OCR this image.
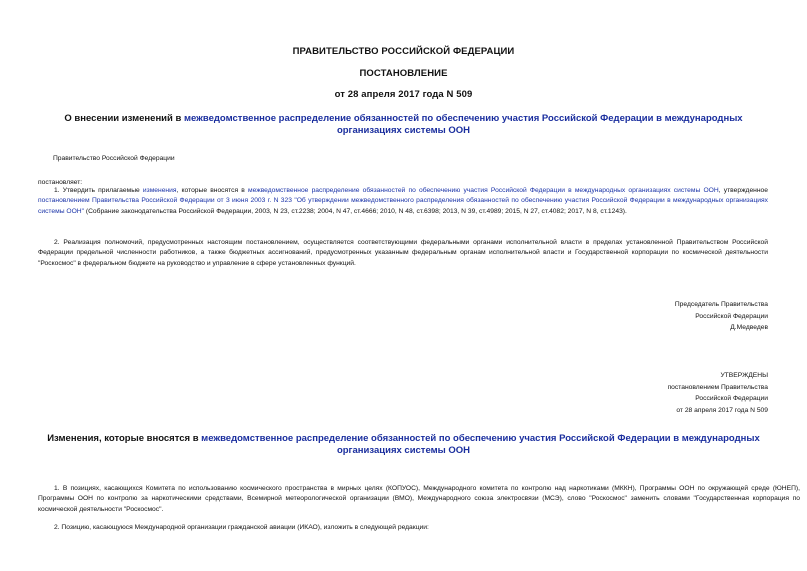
ПРАВИТЕЛЬСТВО РОССИЙСКОЙ ФЕДЕРАЦИИ
ПОСТАНОВЛЕНИЕ
от 28 апреля 2017 года N 509
О внесении изменений в межведомственное распределение обязанностей по обеспечению участия Российской Федерации в международных организациях системы ООН
Правительство Российской Федерации
постановляет:
1. Утвердить прилагаемые изменения, которые вносятся в межведомственное распределение обязанностей по обеспечению участия Российской Федерации в международных организациях системы ООН, утвержденное постановлением Правительства Российской Федерации от 3 июня 2003 г. N 323 "Об утверждении межведомственного распределения обязанностей по обеспечению участия Российской Федерации в международных организациях системы ООН" (Собрание законодательства Российской Федерации, 2003, N 23, ст.2238; 2004, N 47, ст.4666; 2010, N 48, ст.6398; 2013, N 39, ст.4989; 2015, N 27, ст.4082; 2017, N 8, ст.1243).
2. Реализация полномочий, предусмотренных настоящим постановлением, осуществляется соответствующими федеральными органами исполнительной власти в пределах установленной Правительством Российской Федерации предельной численности работников, а также бюджетных ассигнований, предусмотренных указанным федеральным органам исполнительной власти и Государственной корпорации по космической деятельности "Роскосмос" в федеральном бюджете на руководство и управление в сфере установленных функций.
Председатель Правительства
Российской Федерации
Д.Медведев
УТВЕРЖДЕНЫ
постановлением Правительства
Российской Федерации
от 28 апреля 2017 года N 509
Изменения, которые вносятся в межведомственное распределение обязанностей по обеспечению участия Российской Федерации в международных организациях системы ООН
1. В позициях, касающихся Комитета по использованию космического пространства в мирных целях (КОПУОС), Международного комитета по контролю над наркотиками (МККН), Программы ООН по окружающей среде (ЮНЕП), Программы ООН по контролю за наркотическими средствами, Всемирной метеорологической организации (ВМО), Международного союза электросвязи (МСЭ), слово "Роскосмос" заменить словами "Государственная корпорация по космической деятельности "Роскосмос".
2. Позицию, касающуюся Международной организации гражданской авиации (ИКАО), изложить в следующей редакции:
